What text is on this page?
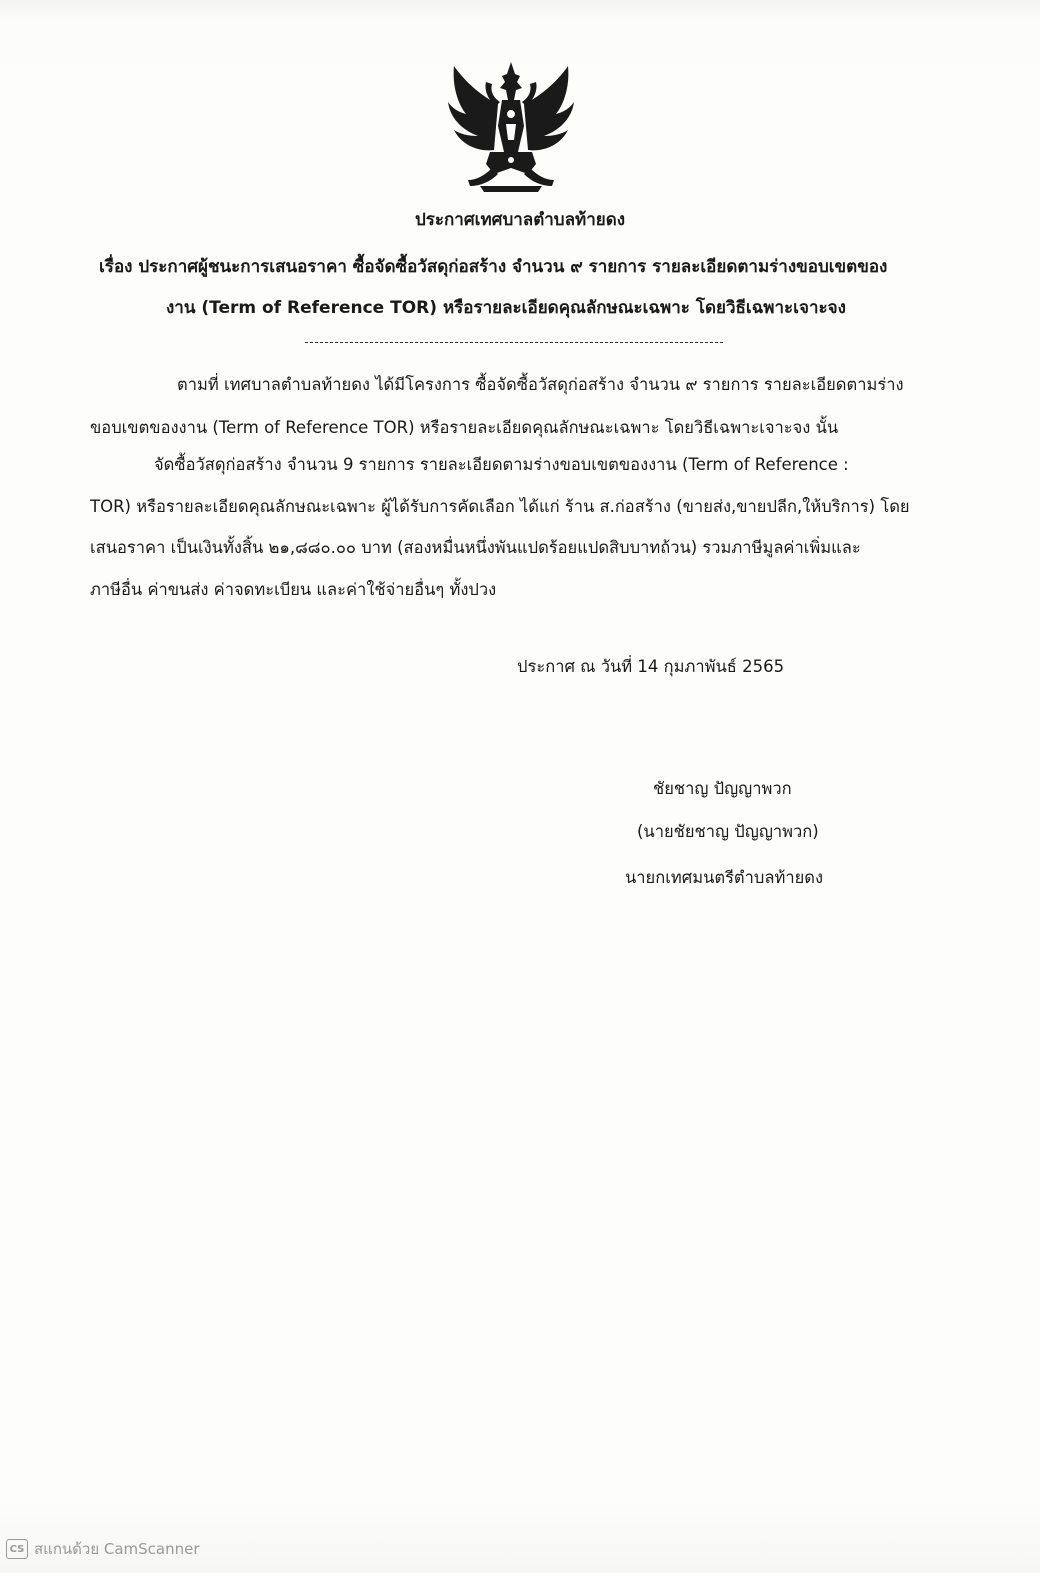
ประกาศเทศบาลตำบลท้ายดง
เรื่อง ประกาศผู้ชนะการเสนอราคา ซื้อจัดซื้อวัสดุก่อสร้าง จำนวน ๙ รายการ รายละเอียดตามร่างขอบเขตของ
งาน (Term of Reference TOR) หรือรายละเอียดคุณลักษณะเฉพาะ โดยวิธีเฉพาะเจาะจง
ตามที่ เทศบาลตำบลท้ายดง ได้มีโครงการ ซื้อจัดซื้อวัสดุก่อสร้าง จำนวน ๙ รายการ รายละเอียดตามร่าง
ขอบเขตของงาน (Term of Reference TOR) หรือรายละเอียดคุณลักษณะเฉพาะ โดยวิธีเฉพาะเจาะจง นั้น
จัดซื้อวัสดุก่อสร้าง จำนวน 9 รายการ รายละเอียดตามร่างขอบเขตของงาน (Term of Reference :
TOR) หรือรายละเอียดคุณลักษณะเฉพาะ ผู้ได้รับการคัดเลือก ได้แก่ ร้าน ส.ก่อสร้าง (ขายส่ง,ขายปลีก,ให้บริการ) โดย
เสนอราคา เป็นเงินทั้งสิ้น ๒๑,๘๘๐.๐๐ บาท (สองหมื่นหนึ่งพันแปดร้อยแปดสิบบาทถ้วน) รวมภาษีมูลค่าเพิ่มและ
ภาษีอื่น ค่าขนส่ง ค่าจดทะเบียน และค่าใช้จ่ายอื่นๆ ทั้งปวง
ประกาศ ณ วันที่ 14 กุมภาพันธ์ 2565
ชัยชาญ ปัญญาพวก
(นายชัยชาญ ปัญญาพวก)
นายกเทศมนตรีตำบลท้ายดง
CS สแกนด้วย CamScanner
